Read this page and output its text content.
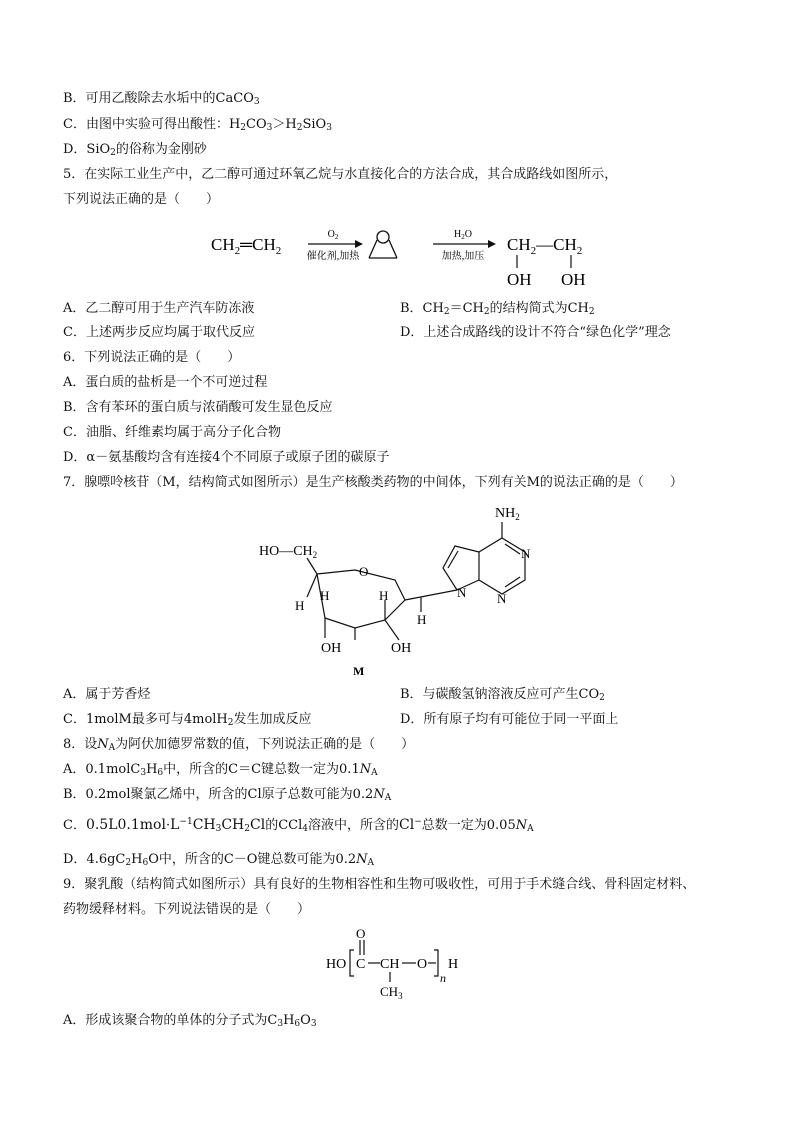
B．可用乙酸除去水垢中的CaCO$_3$
C．由图中实验可得出酸性：$H_2CO_3>H_2SiO_3$
D．SiO$_2$的俗称为金刚砂
5．在实际工业生产中，乙二醇可通过环氧乙烷与水直接化合的方法合成，其合成路线如图所示，
下列说法正确的是（　　）
$CH_2═CH_2$
$O_2$
催化剂,加热
$H_2O$
加热,加压
$CH_2—CH_2$
OH OH
A．乙二醇可用于生产汽车防冻液	B．$CH_2=CH_2$的结构简式为$CH_2$
C．上述两步反应均属于取代反应	D．上述合成路线的设计不符合“绿色化学”理念
6．下列说法正确的是（　　）
A．蛋白质的盐析是一个不可逆过程
B．含有苯环的蛋白质与浓硝酸可发生显色反应
C．油脂、纤维素均属于高分子化合物
D．α－氨基酸均含有连接4个不同原子或原子团的碳原子
7．腺嘌呤核苷（M，结构简式如图所示）是生产核酸类药物的中间体，下列有关M的说法正确的是（　　）
$NH_2$
N
N
N
$HO—CH_2$
O
H
H
H
H
OH	OH
M
A．属于芳香烃	B．与碳酸氢钠溶液反应可产生$CO_2$
C．1molM最多可与4molH$_2$发生加成反应	D．所有原子均有可能位于同一平面上
8．设$N_A$为阿伏加德罗常数的值，下列说法正确的是（　　）
A．$0.1molC_3H_6$中，所含的C＝C键总数一定为$0.1N_A$
B．0.2mol聚氯乙烯中，所含的Cl原子总数可能为$0.2N_A$
C．$0.5L0.1mol\cdot L^{-1}CH_3CH_2Cl$的CCl$_4$溶液中，所含的Cl−总数一定为$0.05N_A$
D．$4.6gC_2H_6O$中，所含的C－O键总数可能为$0.2N_A$
9．聚乳酸（结构简式如图所示）具有良好的生物相容性和生物可吸收性，可用于手术缝合线、骨科固定材料、
药物缓释材料。下列说法错误的是（　　）
HO C
O
CH O
n
H
$CH_3$
A．形成该聚合物的单体的分子式为$C_3H_6O_3$
